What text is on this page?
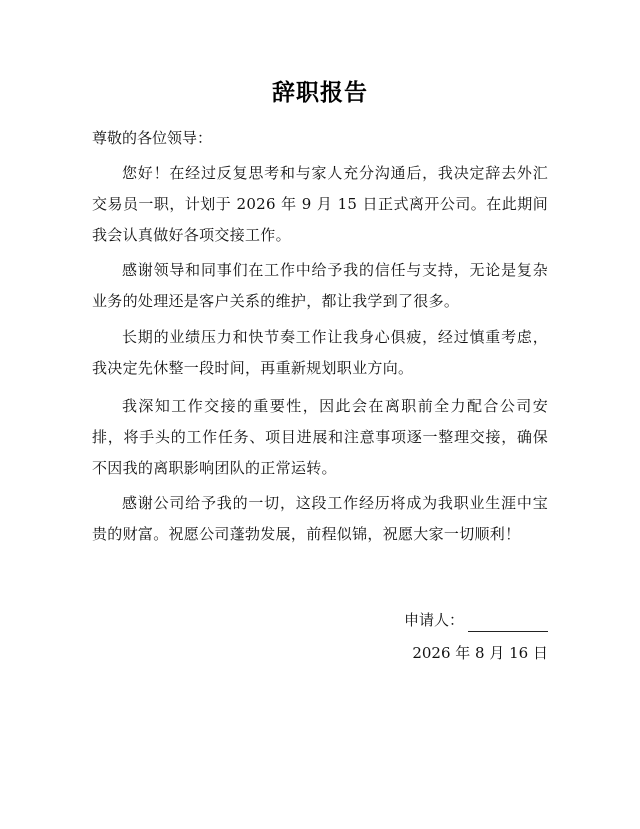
辞职报告
尊敬的各位领导：
您好！在经过反复思考和与家人充分沟通后，我决定辞去外汇交易员一职，计划于 2026 年 9 月 15 日正式离开公司。在此期间我会认真做好各项交接工作。
感谢领导和同事们在工作中给予我的信任与支持，无论是复杂业务的处理还是客户关系的维护，都让我学到了很多。
长期的业绩压力和快节奏工作让我身心俱疲，经过慎重考虑，我决定先休整一段时间，再重新规划职业方向。
我深知工作交接的重要性，因此会在离职前全力配合公司安排，将手头的工作任务、项目进展和注意事项逐一整理交接，确保不因我的离职影响团队的正常运转。
感谢公司给予我的一切，这段工作经历将成为我职业生涯中宝贵的财富。祝愿公司蓬勃发展，前程似锦，祝愿大家一切顺利！
申请人：
2026 年 8 月 16 日
